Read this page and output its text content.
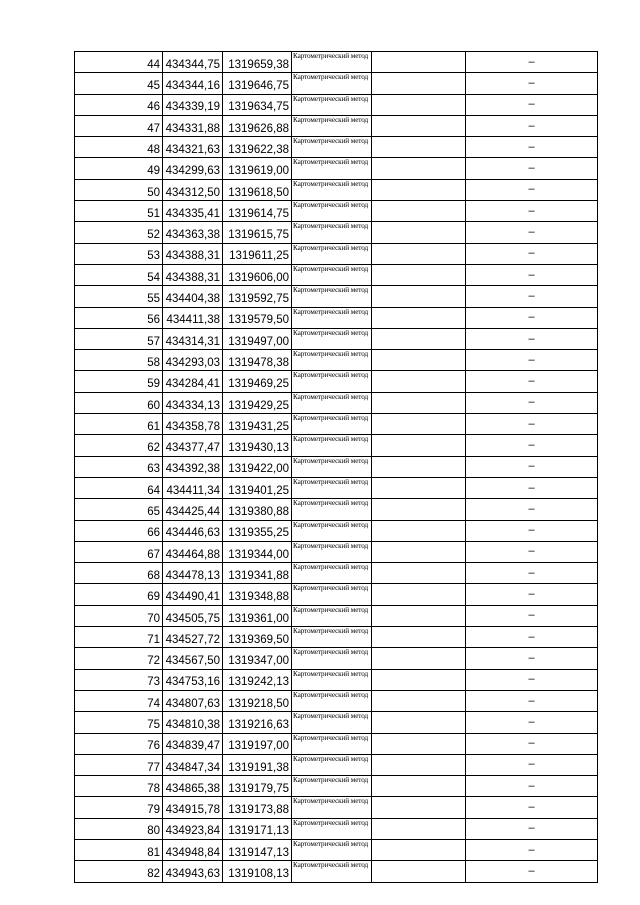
44	434344,75	1319659,38	Картометрический метод		–
45	434344,16	1319646,75	Картометрический метод		–
46	434339,19	1319634,75	Картометрический метод		–
47	434331,88	1319626,88	Картометрический метод		–
48	434321,63	1319622,38	Картометрический метод		–
49	434299,63	1319619,00	Картометрический метод		–
50	434312,50	1319618,50	Картометрический метод		–
51	434335,41	1319614,75	Картометрический метод		–
52	434363,38	1319615,75	Картометрический метод		–
53	434388,31	1319611,25	Картометрический метод		–
54	434388,31	1319606,00	Картометрический метод		–
55	434404,38	1319592,75	Картометрический метод		–
56	434411,38	1319579,50	Картометрический метод		–
57	434314,31	1319497,00	Картометрический метод		–
58	434293,03	1319478,38	Картометрический метод		–
59	434284,41	1319469,25	Картометрический метод		–
60	434334,13	1319429,25	Картометрический метод		–
61	434358,78	1319431,25	Картометрический метод		–
62	434377,47	1319430,13	Картометрический метод		–
63	434392,38	1319422,00	Картометрический метод		–
64	434411,34	1319401,25	Картометрический метод		–
65	434425,44	1319380,88	Картометрический метод		–
66	434446,63	1319355,25	Картометрический метод		–
67	434464,88	1319344,00	Картометрический метод		–
68	434478,13	1319341,88	Картометрический метод		–
69	434490,41	1319348,88	Картометрический метод		–
70	434505,75	1319361,00	Картометрический метод		–
71	434527,72	1319369,50	Картометрический метод		–
72	434567,50	1319347,00	Картометрический метод		–
73	434753,16	1319242,13	Картометрический метод		–
74	434807,63	1319218,50	Картометрический метод		–
75	434810,38	1319216,63	Картометрический метод		–
76	434839,47	1319197,00	Картометрический метод		–
77	434847,34	1319191,38	Картометрический метод		–
78	434865,38	1319179,75	Картометрический метод		–
79	434915,78	1319173,88	Картометрический метод		–
80	434923,84	1319171,13	Картометрический метод		–
81	434948,84	1319147,13	Картометрический метод		–
82	434943,63	1319108,13	Картометрический метод		–
